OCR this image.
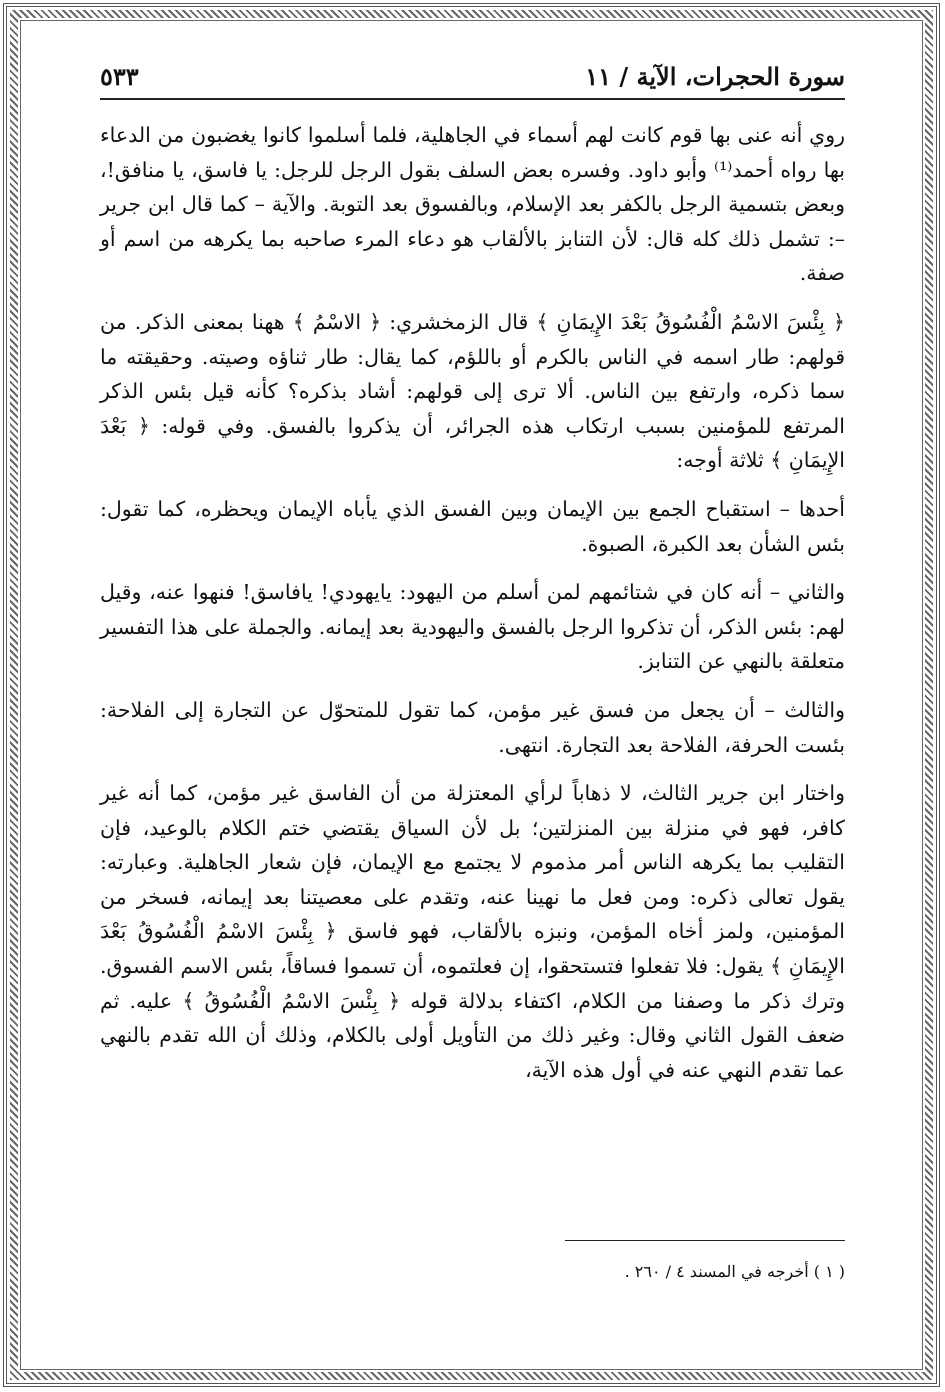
سورة الحجرات، الآية / ١١
٥٣٣

روي أنه عنى بها قوم كانت لهم أسماء في الجاهلية، فلما أسلموا كانوا يغضبون من الدعاء بها رواه أحمد⁽¹⁾ وأبو داود. وفسره بعض السلف بقول الرجل للرجل: يا فاسق، يا منافق!، وبعض بتسمية الرجل بالكفر بعد الإسلام، وبالفسوق بعد التوبة. والآية – كما قال ابن جرير –: تشمل ذلك كله قال: لأن التنابز بالألقاب هو دعاء المرء صاحبه بما يكرهه من اسم أو صفة.

﴿ بِئْسَ الاسْمُ الْفُسُوقُ بَعْدَ الإِيمَانِ ﴾ قال الزمخشري: ﴿ الاسْمُ ﴾ ههنا بمعنى الذكر. من قولهم: طار اسمه في الناس بالكرم أو باللؤم، كما يقال: طار ثناؤه وصيته. وحقيقته ما سما ذكره، وارتفع بين الناس. ألا ترى إلى قولهم: أشاد بذكره؟ كأنه قيل بئس الذكر المرتفع للمؤمنين بسبب ارتكاب هذه الجرائر، أن يذكروا بالفسق. وفي قوله: ﴿ بَعْدَ الإِيمَانِ ﴾ ثلاثة أوجه:

أحدها – استقباح الجمع بين الإيمان وبين الفسق الذي يأباه الإيمان ويحظره، كما تقول: بئس الشأن بعد الكبرة، الصبوة.

والثاني – أنه كان في شتائمهم لمن أسلم من اليهود: يايهودي! يافاسق! فنهوا عنه، وقيل لهم: بئس الذكر، أن تذكروا الرجل بالفسق واليهودية بعد إيمانه. والجملة على هذا التفسير متعلقة بالنهي عن التنابز.

والثالث – أن يجعل من فسق غير مؤمن، كما تقول للمتحوّل عن التجارة إلى الفلاحة: بئست الحرفة، الفلاحة بعد التجارة. انتهى.

واختار ابن جرير الثالث، لا ذهاباً لرأي المعتزلة من أن الفاسق غير مؤمن، كما أنه غير كافر، فهو في منزلة بين المنزلتين؛ بل لأن السياق يقتضي ختم الكلام بالوعيد، فإن التقليب بما يكرهه الناس أمر مذموم لا يجتمع مع الإيمان، فإن شعار الجاهلية. وعبارته: يقول تعالى ذكره: ومن فعل ما نهينا عنه، وتقدم على معصيتنا بعد إيمانه، فسخر من المؤمنين، ولمز أخاه المؤمن، ونبزه بالألقاب، فهو فاسق ﴿ بِئْسَ الاسْمُ الْفُسُوقُ بَعْدَ الإِيمَانِ ﴾ يقول: فلا تفعلوا فتستحقوا، إن فعلتموه، أن تسموا فساقاً، بئس الاسم الفسوق. وترك ذكر ما وصفنا من الكلام، اكتفاء بدلالة قوله ﴿ بِئْسَ الاسْمُ الْفُسُوقُ ﴾ عليه. ثم ضعف القول الثاني وقال: وغير ذلك من التأويل أولى بالكلام، وذلك أن الله تقدم بالنهي عما تقدم النهي عنه في أول هذه الآية،

( ١ ) أخرجه في المسند ٤ / ٢٦٠ .
